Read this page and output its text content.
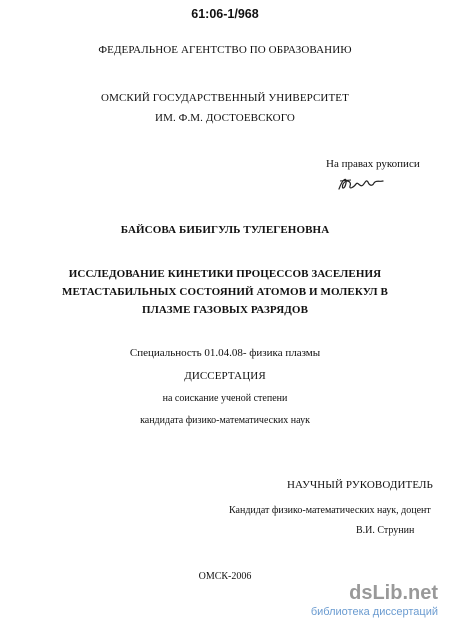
61:06-1/968
ФЕДЕРАЛЬНОЕ АГЕНТСТВО ПО ОБРАЗОВАНИЮ
ОМСКИЙ ГОСУДАРСТВЕННЫЙ УНИВЕРСИТЕТ
ИМ. Ф.М. ДОСТОЕВСКОГО
На правах рукописи
БАЙСОВА БИБИГУЛЬ ТУЛЕГЕНОВНА
ИССЛЕДОВАНИЕ КИНЕТИКИ ПРОЦЕССОВ ЗАСЕЛЕНИЯ
МЕТАСТАБИЛЬНЫХ СОСТОЯНИЙ АТОМОВ И МОЛЕКУЛ В
ПЛАЗМЕ ГАЗОВЫХ РАЗРЯДОВ
Специальность 01.04.08- физика плазмы
ДИССЕРТАЦИЯ
на соискание ученой степени
кандидата физико-математических наук
НАУЧНЫЙ РУКОВОДИТЕЛЬ
Кандидат физико-математических наук, доцент
В.И. Струнин
ОМСК-2006
dsLib.net
библиотека диссертаций
